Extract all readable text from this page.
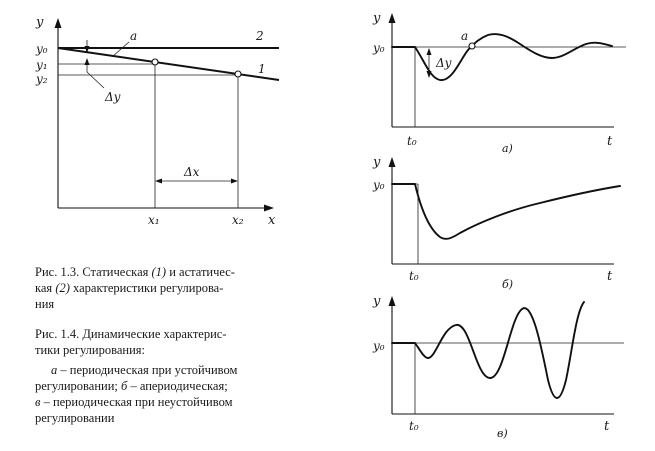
y
x
y₀
y₁
y₂
Δy
a	2
1
Δx
x₁	x₂
y
y₀
Δy
a
t₀	t
а)
y
y₀
t₀	t
б)
y
y₀
t₀	t
в)
Рис. 1.3. Статическая (1) и астатичес-
кая (2) характеристики регулирова-
ния
Рис. 1.4. Динамические характерис-
тики регулирования:
а – периодическая при устойчивом
регулировании; б – апериодическая;
в – периодическая при неустойчивом
регулировании
